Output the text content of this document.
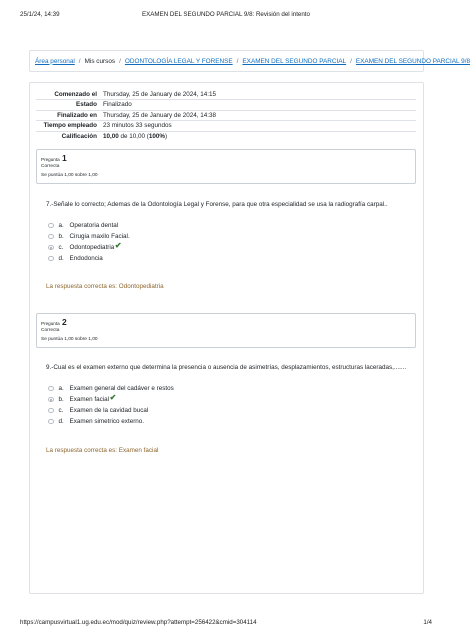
25/1/24, 14:39	EXAMEN DEL SEGUNDO PARCIAL 9/8: Revisión del intento
Área personal / Mis cursos / ODONTOLOGÍA LEGAL Y FORENSE / EXAMEN DEL SEGUNDO PARCIAL / EXAMEN DEL SEGUNDO PARCIAL 9/8
Comenzado el	Thursday, 25 de January de 2024, 14:15
Estado	Finalizado
Finalizado en	Thursday, 25 de January de 2024, 14:38
Tiempo empleado	23 minutos 33 segundos
Calificación	10,00 de 10,00 (100%)
Pregunta 1
Correcta
Se puntúa 1,00 sobre 1,00
7.-Señale lo correcto; Ademas de la Odontología Legal y Forense, para que otra especialidad se usa la radiografía carpal..
a. Operatoria dental
b. Cirugia maxilo Facial.
c. Odontopediatria ✔
d. Endodoncia
La respuesta correcta es: Odontopediatria
Pregunta 2
Correcta
Se puntúa 1,00 sobre 1,00
9.-Cual es el examen externo que determina la presencia o ausencia de asimetrías, desplazamientos, estructuras laceradas,.......
a. Examen general del cadáver e restos
b. Examen facial ✔
c. Examen de la cavidad bucal
d. Examen simetrico externo.
La respuesta correcta es: Examen facial
https://campusvirtual1.ug.edu.ec/mod/quiz/review.php?attempt=256422&cmid=304114	1/4
